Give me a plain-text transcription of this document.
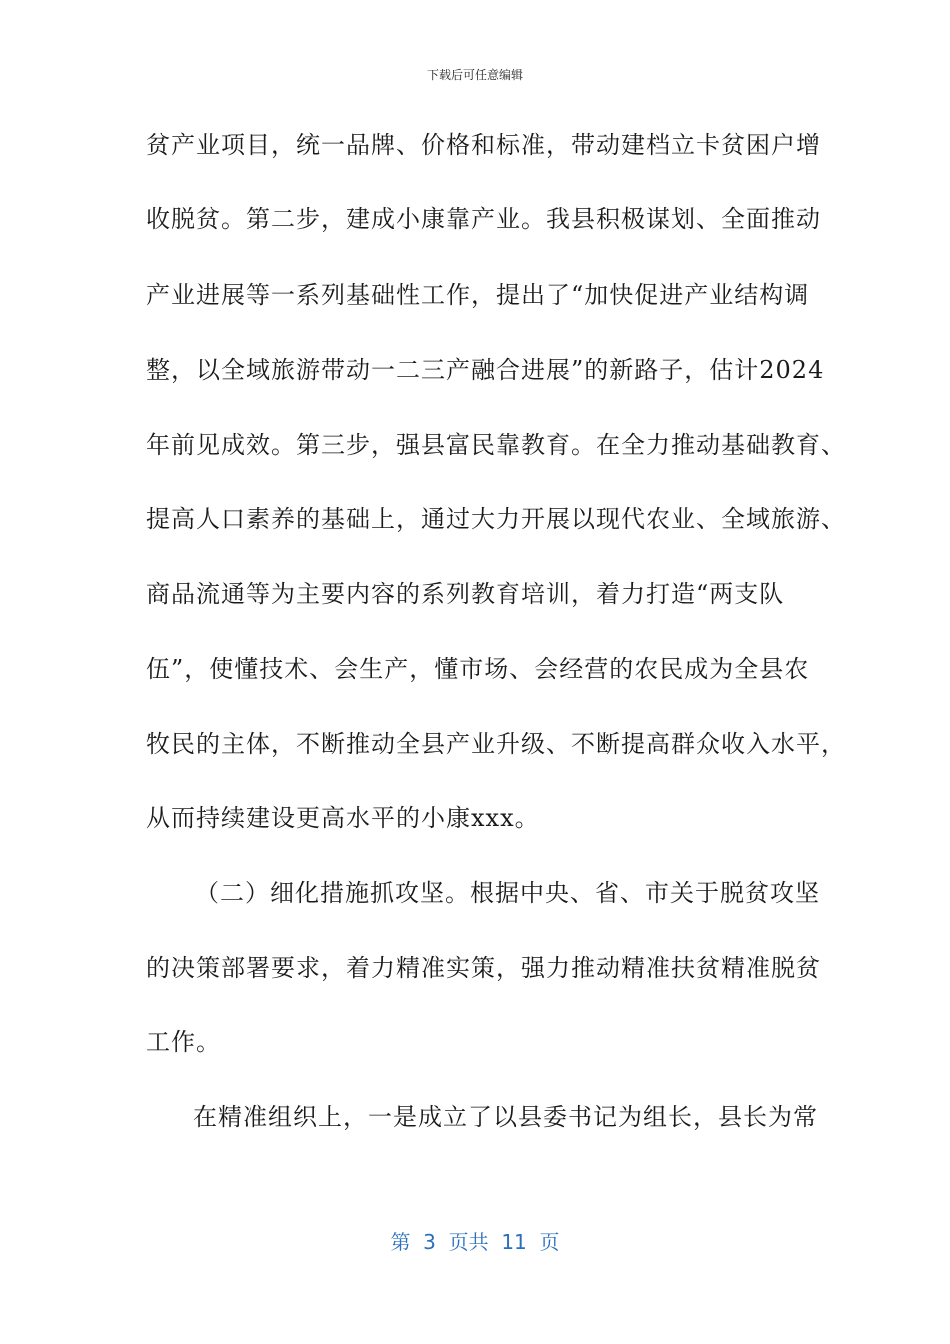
下载后可任意编辑
贫产业项目，统一品牌、价格和标准，带动建档立卡贫困户增
收脱贫。第二步，建成小康靠产业。我县积极谋划、全面推动
产业进展等一系列基础性工作，提出了“加快促进产业结构调
整，以全域旅游带动一二三产融合进展”的新路子，估计2024
年前见成效。第三步，强县富民靠教育。在全力推动基础教育、
提高人口素养的基础上，通过大力开展以现代农业、全域旅游、
商品流通等为主要内容的系列教育培训，着力打造“两支队
伍”，使懂技术、会生产，懂市场、会经营的农民成为全县农
牧民的主体，不断推动全县产业升级、不断提高群众收入水平，
从而持续建设更高水平的小康xxx。
（二）细化措施抓攻坚。根据中央、省、市关于脱贫攻坚
的决策部署要求，着力精准实策，强力推动精准扶贫精准脱贫
工作。
在精准组织上，一是成立了以县委书记为组长，县长为常
第  3  页共  11  页
